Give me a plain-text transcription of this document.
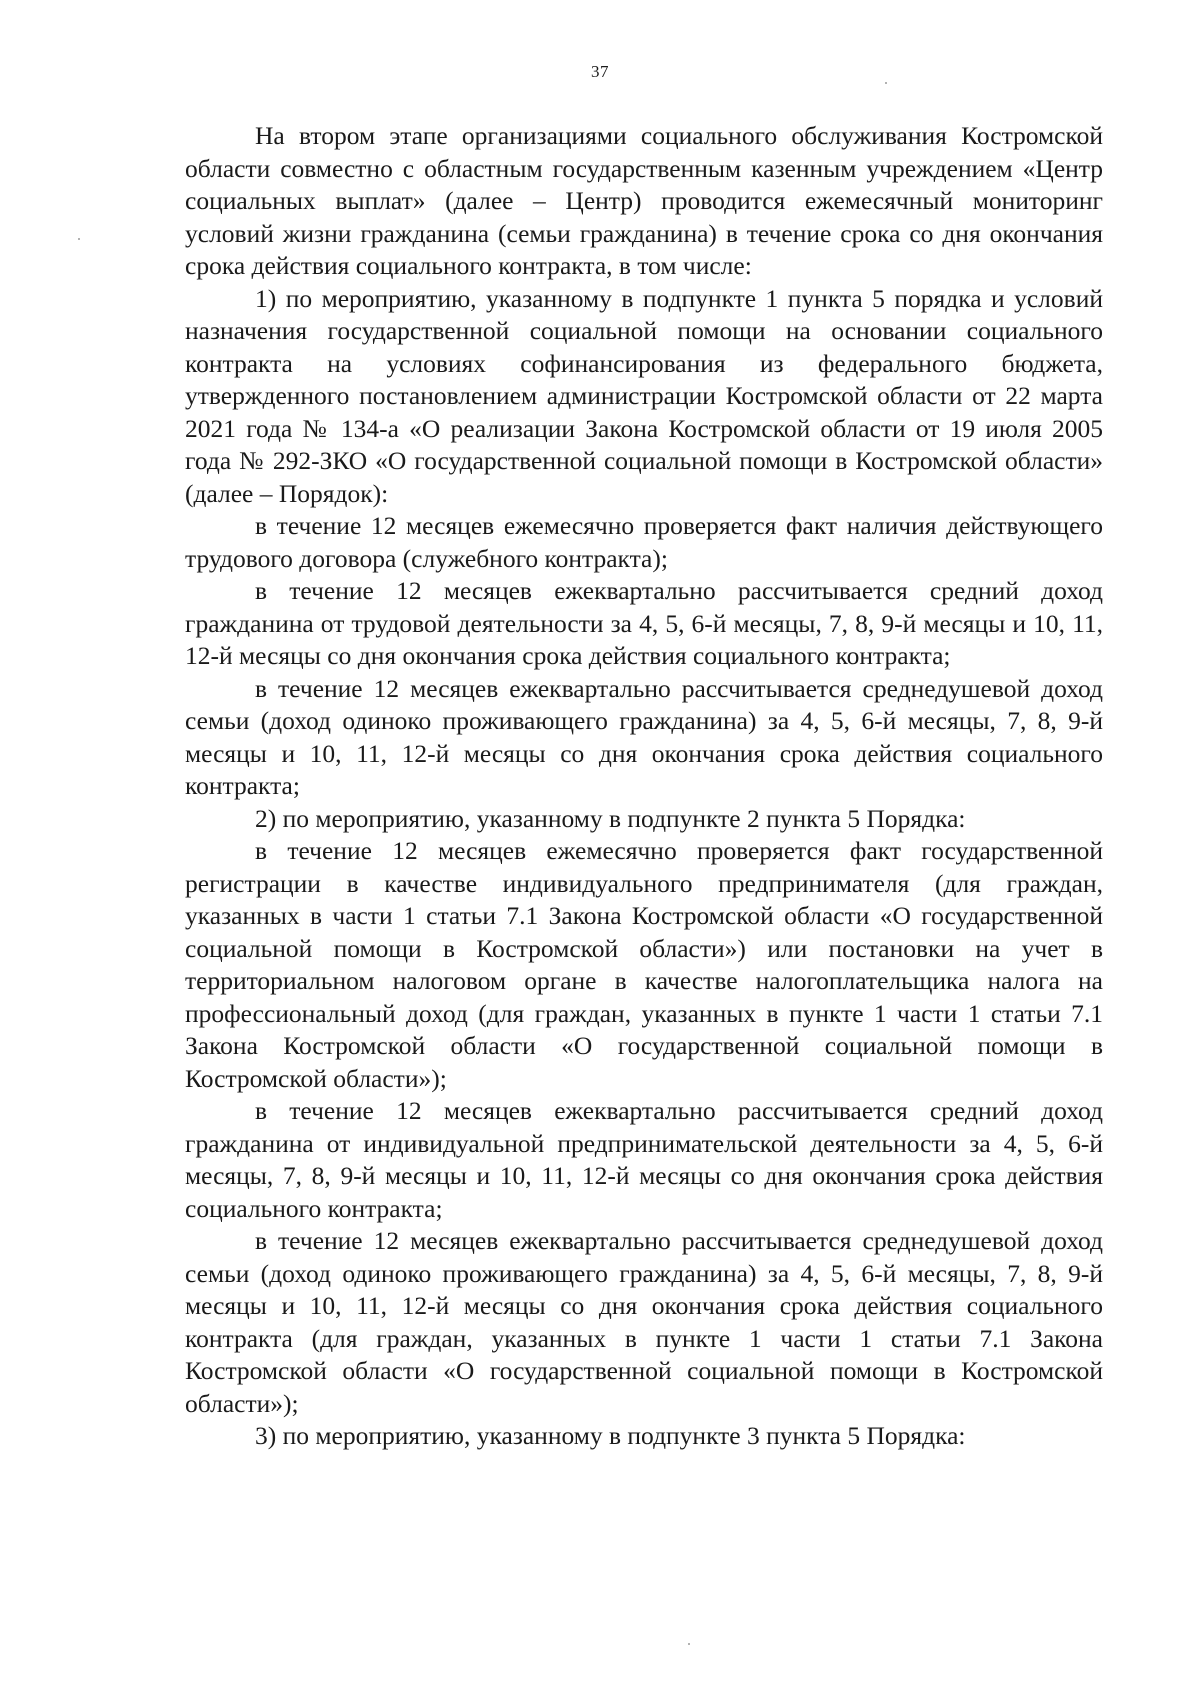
37

На втором этапе организациями социального обслуживания Костромской области совместно с областным государственным казенным учреждением «Центр социальных выплат» (далее – Центр) проводится ежемесячный мониторинг условий жизни гражданина (семьи гражданина) в течение срока со дня окончания срока действия социального контракта, в том числе:

1) по мероприятию, указанному в подпункте 1 пункта 5 порядка и условий назначения государственной социальной помощи на основании социального контракта на условиях софинансирования из федерального бюджета, утвержденного постановлением администрации Костромской области от 22 марта 2021 года № 134-а «О реализации Закона Костромской области от 19 июля 2005 года № 292-ЗКО «О государственной социальной помощи в Костромской области» (далее – Порядок):

в течение 12 месяцев ежемесячно проверяется факт наличия действующего трудового договора (служебного контракта);

в течение 12 месяцев ежеквартально рассчитывается средний доход гражданина от трудовой деятельности за 4, 5, 6-й месяцы, 7, 8, 9-й месяцы и 10, 11, 12-й месяцы со дня окончания срока действия социального контракта;

в течение 12 месяцев ежеквартально рассчитывается среднедушевой доход семьи (доход одиноко проживающего гражданина) за 4, 5, 6-й месяцы, 7, 8, 9-й месяцы и 10, 11, 12-й месяцы со дня окончания срока действия социального контракта;

2) по мероприятию, указанному в подпункте 2 пункта 5 Порядка:

в течение 12 месяцев ежемесячно проверяется факт государственной регистрации в качестве индивидуального предпринимателя (для граждан, указанных в части 1 статьи 7.1 Закона Костромской области «О государственной социальной помощи в Костромской области») или постановки на учет в территориальном налоговом органе в качестве налогоплательщика налога на профессиональный доход (для граждан, указанных в пункте 1 части 1 статьи 7.1 Закона Костромской области «О государственной социальной помощи в Костромской области»);

в течение 12 месяцев ежеквартально рассчитывается средний доход гражданина от индивидуальной предпринимательской деятельности за 4, 5, 6-й месяцы, 7, 8, 9-й месяцы и 10, 11, 12-й месяцы со дня окончания срока действия социального контракта;

в течение 12 месяцев ежеквартально рассчитывается среднедушевой доход семьи (доход одиноко проживающего гражданина) за 4, 5, 6-й месяцы, 7, 8, 9-й месяцы и 10, 11, 12-й месяцы со дня окончания срока действия социального контракта (для граждан, указанных в пункте 1 части 1 статьи 7.1 Закона Костромской области «О государственной социальной помощи в Костромской области»);

3) по мероприятию, указанному в подпункте 3 пункта 5 Порядка:
